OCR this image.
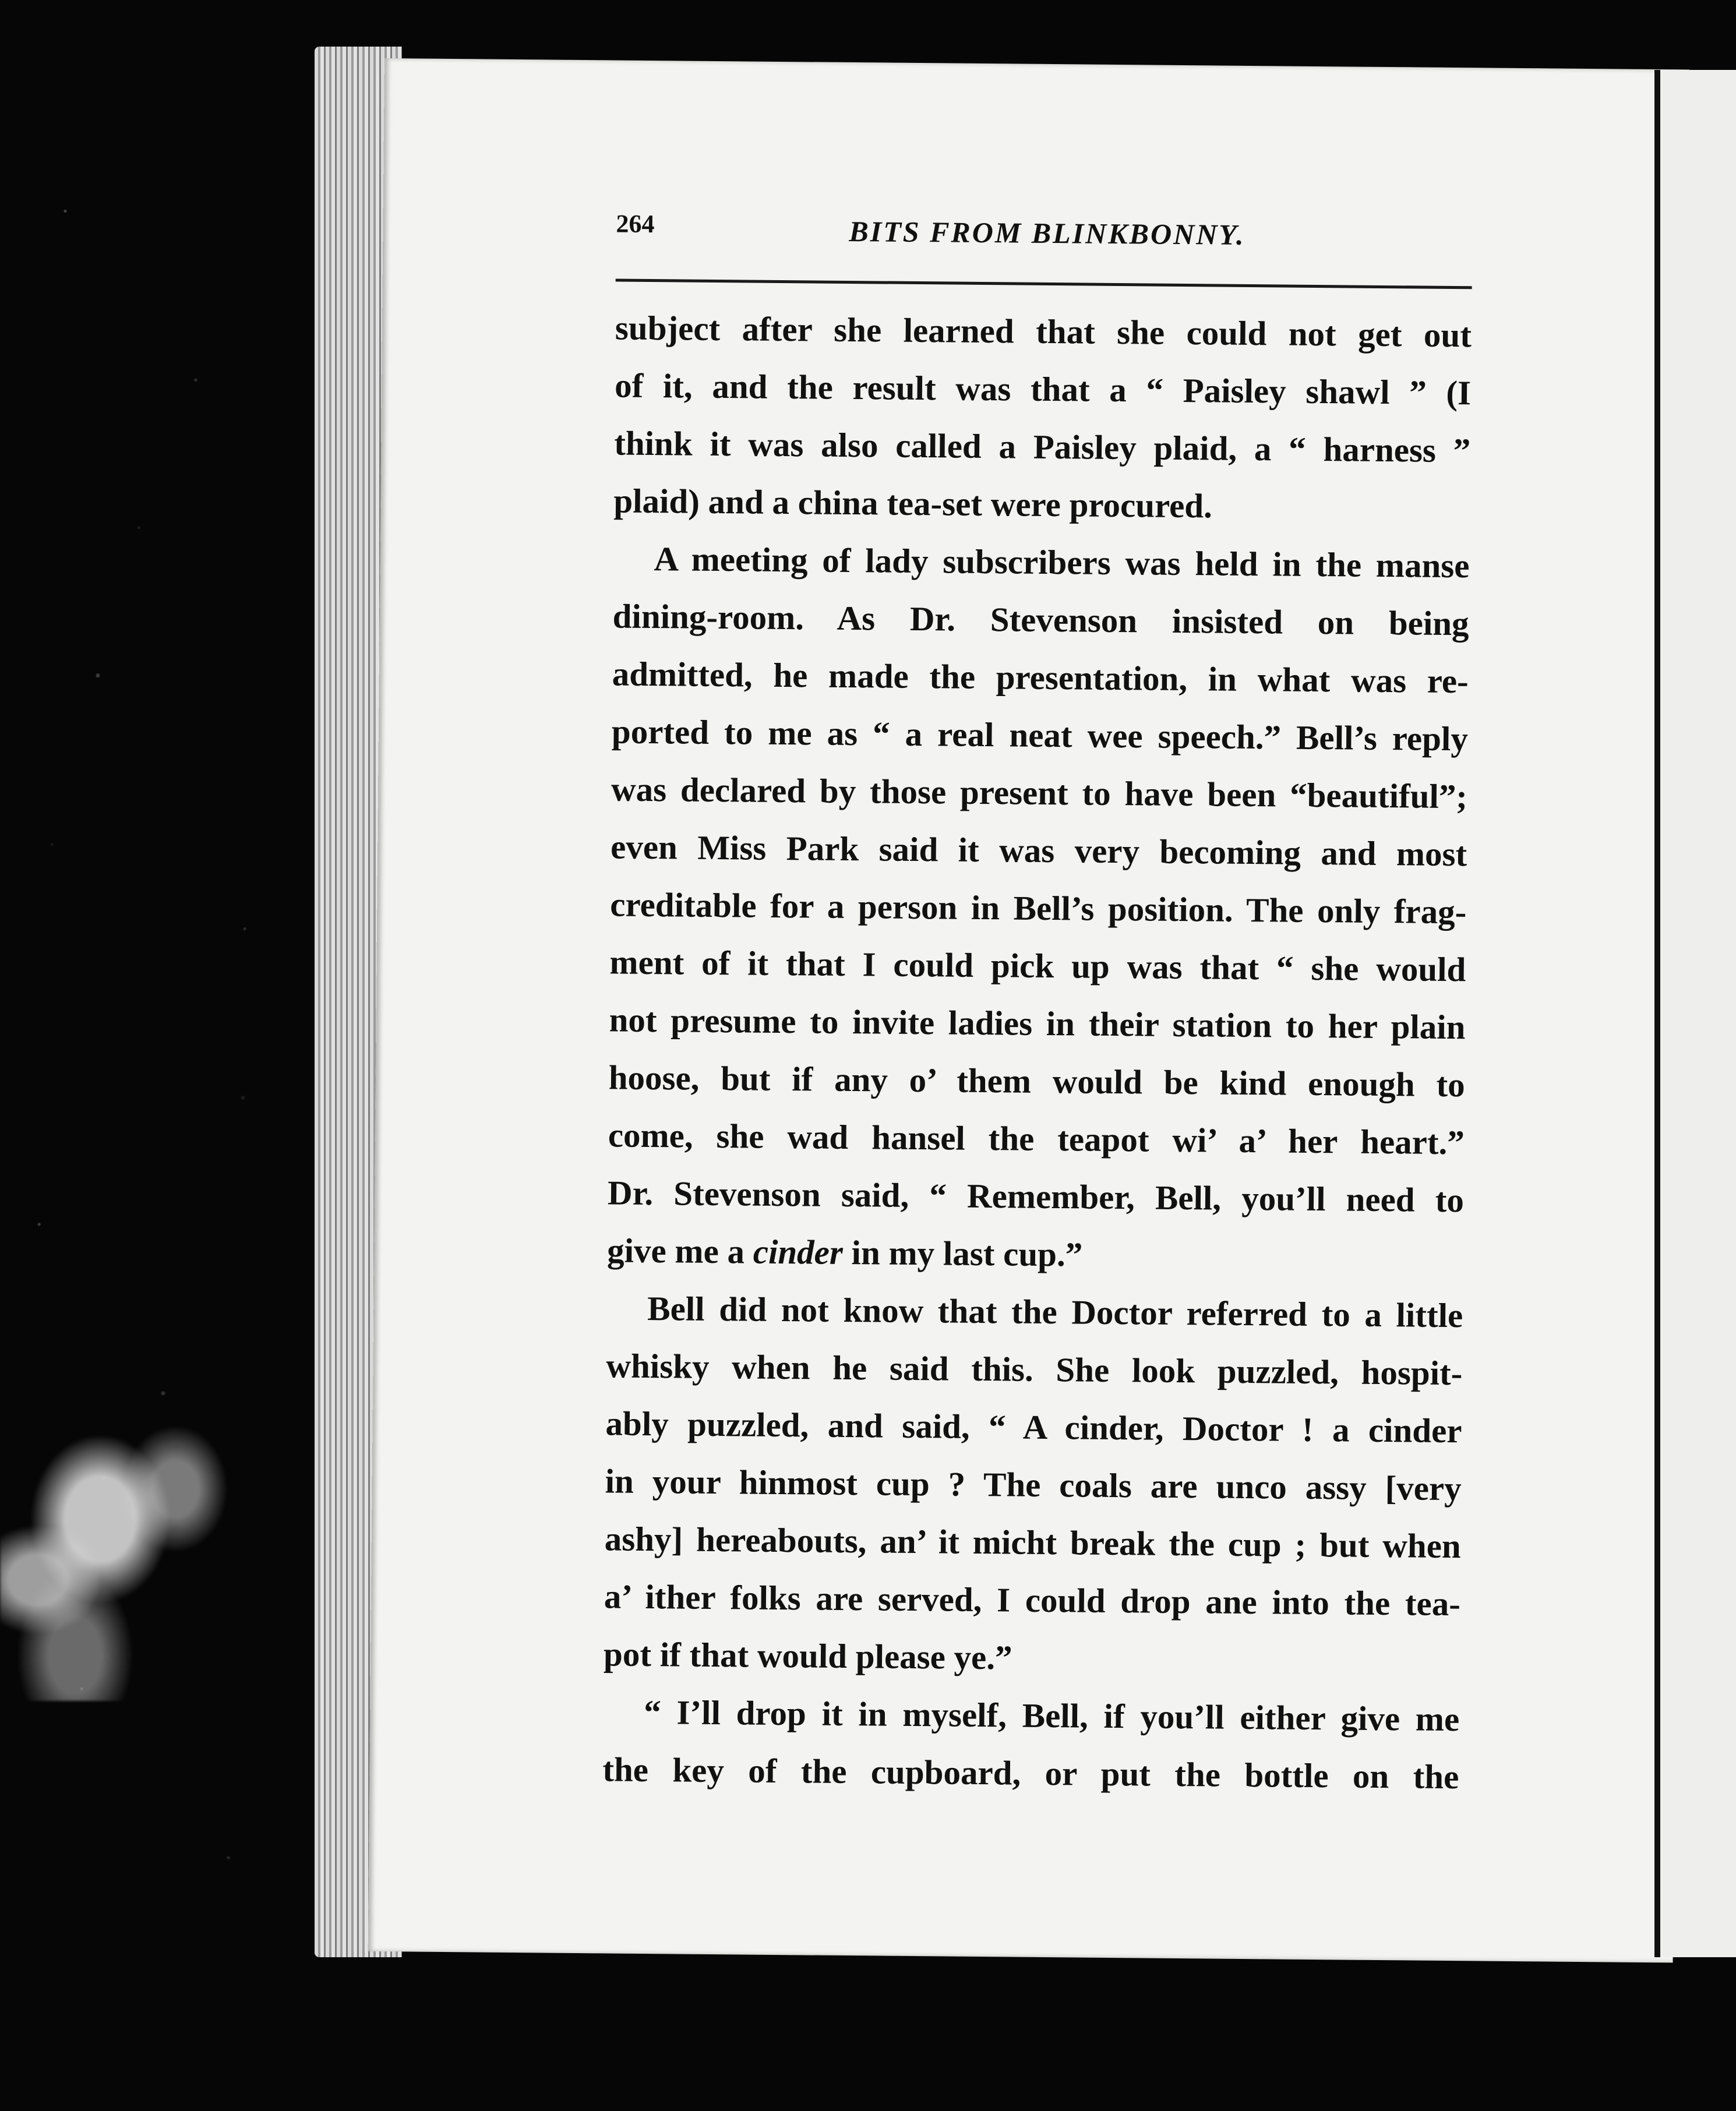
264	BITS FROM BLINKBONNY.
subject after she learned that she could not get out
of it, and the result was that a “ Paisley shawl ” (I
think it was also called a Paisley plaid, a “ harness ”
plaid) and a china tea-set were procured.
A meeting of lady subscribers was held in the manse
dining-room. As Dr. Stevenson insisted on being
admitted, he made the presentation, in what was re-
ported to me as “ a real neat wee speech.” Bell’s reply
was declared by those present to have been “beautiful”;
even Miss Park said it was very becoming and most
creditable for a person in Bell’s position. The only frag-
ment of it that I could pick up was that “ she would
not presume to invite ladies in their station to her plain
hoose, but if any o’ them would be kind enough to
come, she wad hansel the teapot wi’ a’ her heart.”
Dr. Stevenson said, “ Remember, Bell, you’ll need to
give me a cinder in my last cup.”
Bell did not know that the Doctor referred to a little
whisky when he said this. She look puzzled, hospit-
ably puzzled, and said, “ A cinder, Doctor ! a cinder
in your hinmost cup ? The coals are unco assy [very
ashy] hereabouts, an’ it micht break the cup ; but when
a’ ither folks are served, I could drop ane into the tea-
pot if that would please ye.”
“ I’ll drop it in myself, Bell, if you’ll either give me
the key of the cupboard, or put the bottle on the
